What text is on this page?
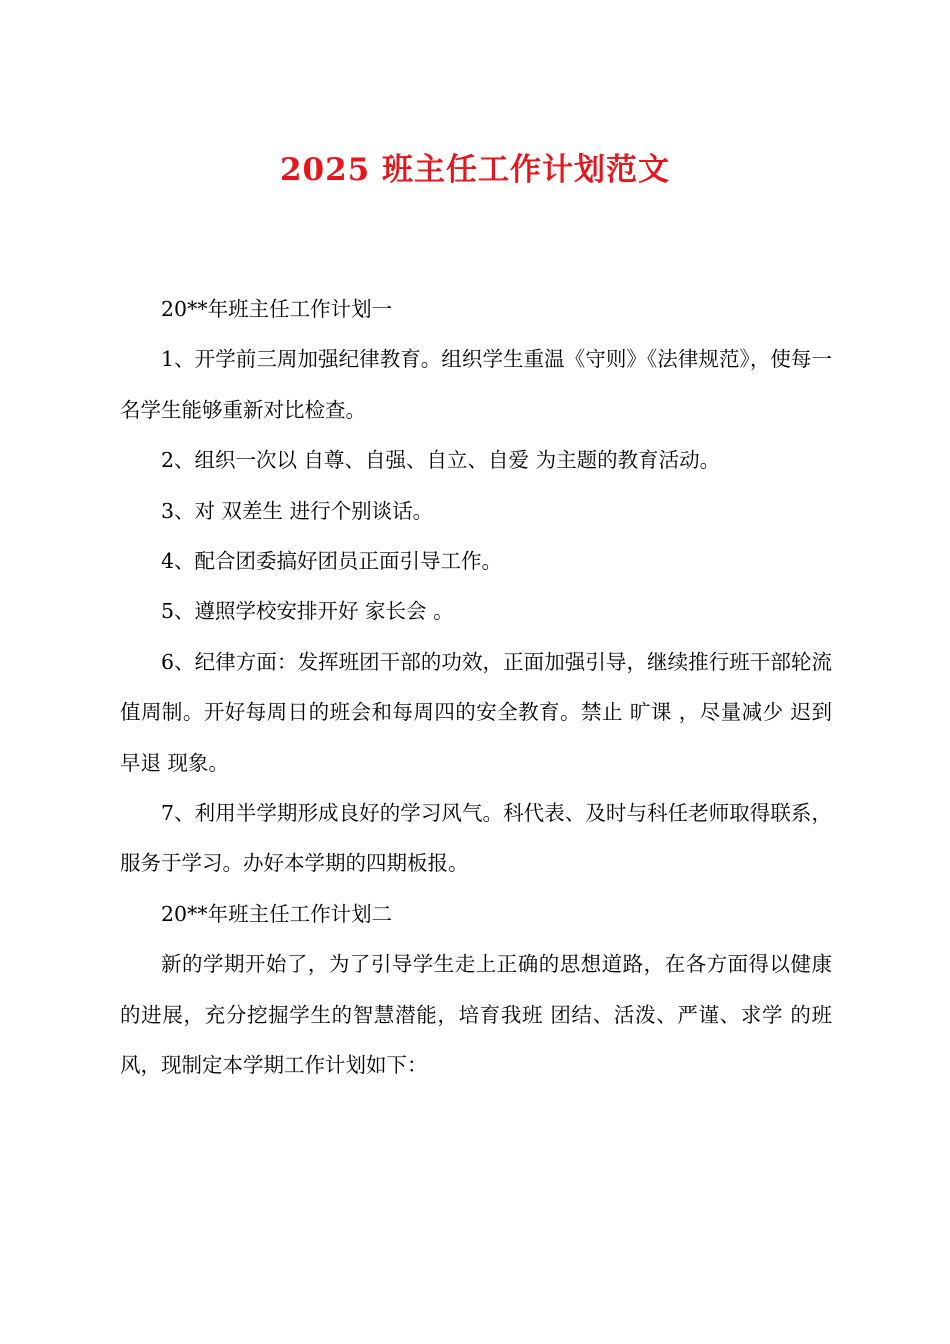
2025 班主任工作计划范文

20**年班主任工作计划一

1、开学前三周加强纪律教育。组织学生重温《守则》《法律规范》，使每一名学生能够重新对比检查。

2、组织一次以 自尊、自强、自立、自爱 为主题的教育活动。

3、对 双差生 进行个别谈话。

4、配合团委搞好团员正面引导工作。

5、遵照学校安排开好 家长会 。

6、纪律方面：发挥班团干部的功效，正面加强引导，继续推行班干部轮流值周制。开好每周日的班会和每周四的安全教育。禁止 旷课 ，尽量减少 迟到 早退 现象。

7、利用半学期形成良好的学习风气。科代表、及时与科任老师取得联系，服务于学习。办好本学期的四期板报。

20**年班主任工作计划二

新的学期开始了，为了引导学生走上正确的思想道路，在各方面得以健康的进展，充分挖掘学生的智慧潜能，培育我班 团结、活泼、严谨、求学 的班风，现制定本学期工作计划如下：
